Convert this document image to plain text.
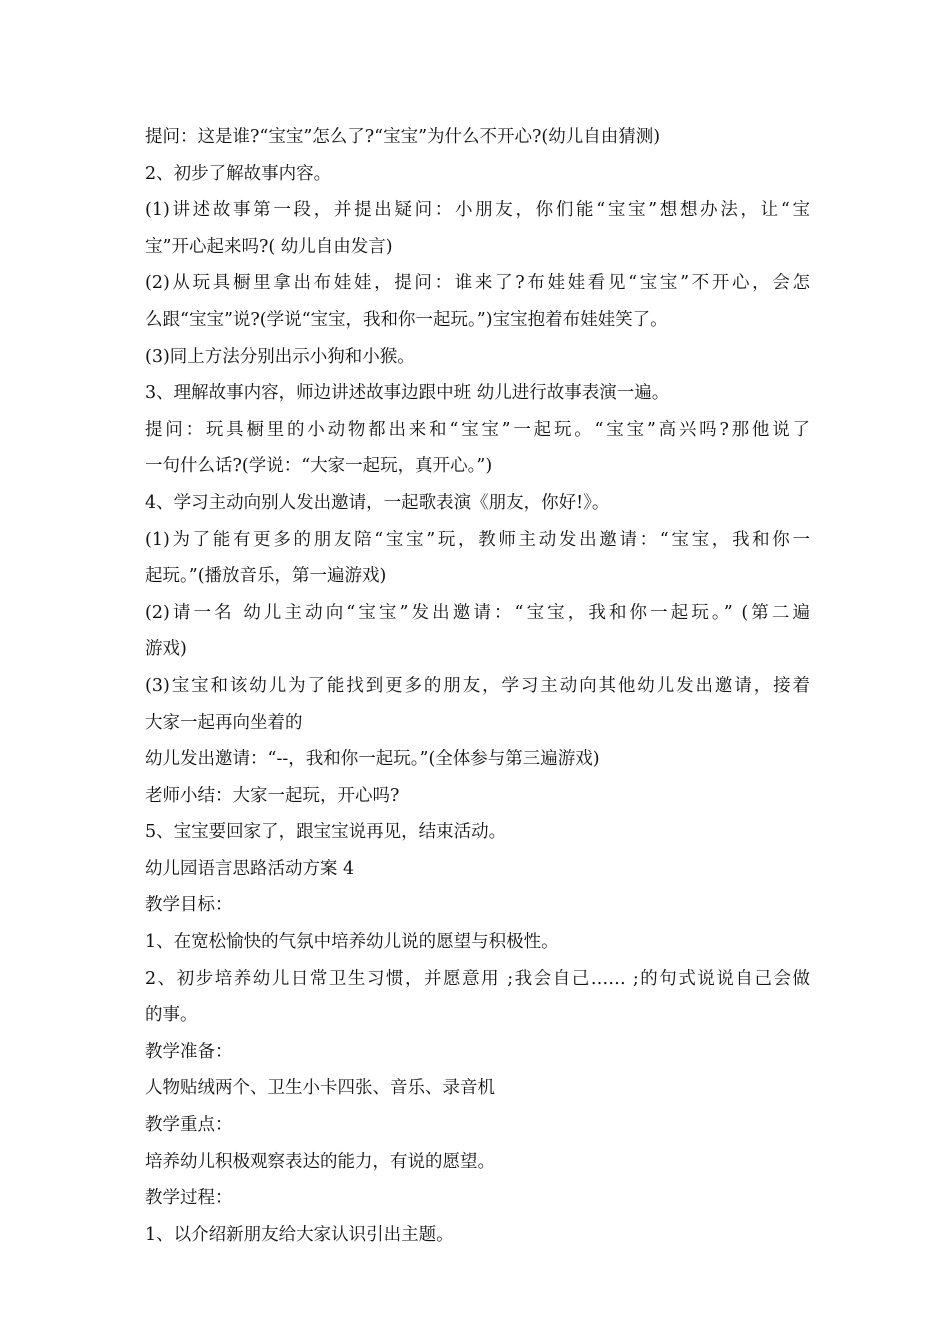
提问：这是谁?“宝宝”怎么了?“宝宝”为什么不开心?(幼儿自由猜测)
2、初步了解故事内容。
(1)讲述故事第一段，并提出疑问：小朋友，你们能“宝宝”想想办法，让“宝
宝”开心起来吗?( 幼儿自由发言)
(2)从玩具橱里拿出布娃娃，提问：谁来了?布娃娃看见“宝宝”不开心，会怎
么跟“宝宝”说?(学说“宝宝，我和你一起玩。”)宝宝抱着布娃娃笑了。
(3)同上方法分别出示小狗和小猴。
3、理解故事内容，师边讲述故事边跟中班 幼儿进行故事表演一遍。
提问：玩具橱里的小动物都出来和“宝宝”一起玩。“宝宝”高兴吗?那他说了
一句什么话?(学说：“大家一起玩，真开心。”)
4、学习主动向别人发出邀请，一起歌表演《朋友，你好!》。
(1)为了能有更多的朋友陪“宝宝”玩，教师主动发出邀请：“宝宝，我和你一
起玩。”(播放音乐，第一遍游戏)
(2)请一名 幼儿主动向“宝宝”发出邀请：“宝宝，我和你一起玩。” (第二遍
游戏)
(3)宝宝和该幼儿为了能找到更多的朋友，学习主动向其他幼儿发出邀请，接着
大家一起再向坐着的
幼儿发出邀请：“--，我和你一起玩。”(全体参与第三遍游戏)
老师小结：大家一起玩，开心吗?
5、宝宝要回家了，跟宝宝说再见，结束活动。
幼儿园语言思路活动方案 4
教学目标：
1、在宽松愉快的气氛中培养幼儿说的愿望与积极性。
2、初步培养幼儿日常卫生习惯，并愿意用 ;我会自己…… ;的句式说说自己会做
的事。
教学准备：
人物贴绒两个、卫生小卡四张、音乐、录音机
教学重点：
培养幼儿积极观察表达的能力，有说的愿望。
教学过程：
1、以介绍新朋友给大家认识引出主题。
